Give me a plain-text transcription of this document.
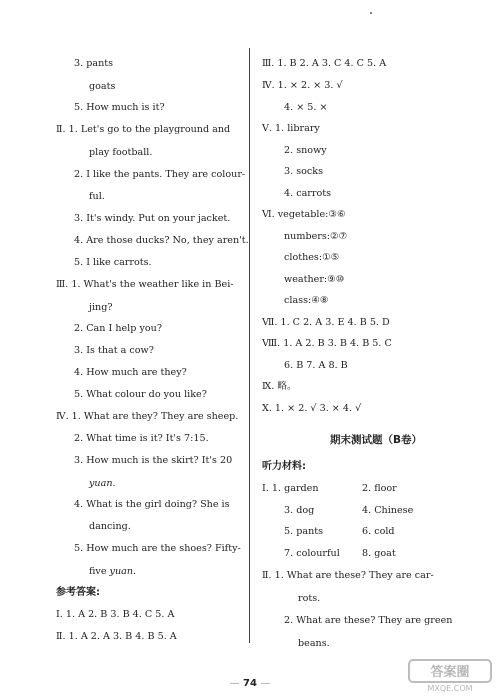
3. pants
goats
5. How much is it?
Ⅱ. 1. Let's go to the playground and
play football.
2. I like the pants. They are colour-
ful.
3. It's windy. Put on your jacket.
4. Are those ducks? No, they aren't.
5. I like carrots.
Ⅲ. 1. What's the weather like in Bei-
jing?
2. Can I help you?
3. Is that a cow?
4. How much are they?
5. What colour do you like?
Ⅳ. 1. What are they? They are sheep.
2. What time is it? It's 7:15.
3. How much is the skirt? It's 20
yuan.
4. What is the girl doing? She is
dancing.
5. How much are the shoes? Fifty-
five yuan.
参考答案:
Ⅰ. 1. A 2. B 3. B 4. C 5. A
Ⅱ. 1. A 2. A 3. B 4. B 5. A
Ⅲ. 1. B 2. A 3. C 4. C 5. A
Ⅳ. 1. × 2. × 3. √
4. × 5. ×
Ⅴ. 1. library
2. snowy
3. socks
4. carrots
Ⅵ. vegetable:③⑥
numbers:②⑦
clothes:①⑤
weather:⑨⑩
class:④⑧
Ⅶ. 1. C 2. A 3. E 4. B 5. D
Ⅷ. 1. A 2. B 3. B 4. B 5. C
6. B 7. A 8. B
Ⅸ. 略。
Ⅹ. 1. × 2. √ 3. × 4. √
期末测试题（B卷）
听力材料:
Ⅰ. 1. garden	2. floor
3. dog	4. Chinese
5. pants	6. cold
7. colourful 8. goat
Ⅱ. 1. What are these? They are car-
rots.
2. What are these? They are green
beans.
— 74 —
答案圈
MXQE.COM
